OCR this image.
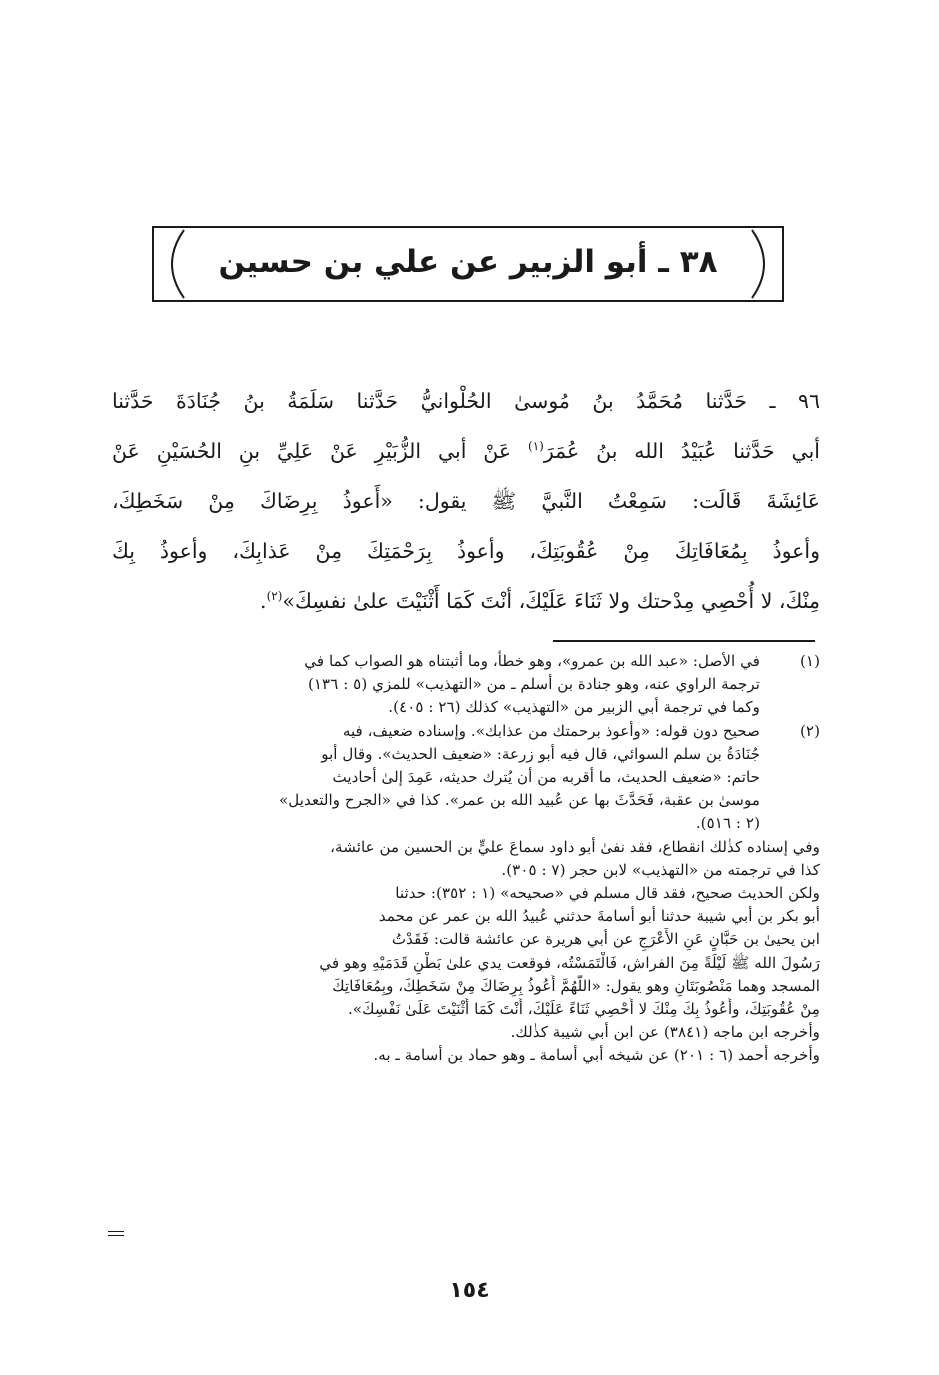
٣٨ ـ أبو الزبير عن علي بن حسين
٩٦ ـ حَدَّثنا مُحَمَّدُ بنُ مُوسىٰ الحُلْوانيُّ حَدَّثنا سَلَمَةُ بنُ جُنَادَةَ حَدَّثنا
أبي حَدَّثنا عُبَيْدُ الله بنُ عُمَرَ$^{(١)}$ عَنْ أبي الزُّبَيْرِ عَنْ عَلِيِّ بنِ الحُسَيْنِ عَنْ
عَائِشَةَ قَالَت: سَمِعْتُ النَّبيَّ ﷺ يقول: «أَعوذُ بِرِضَاكَ مِنْ سَخَطِكَ،
وأعوذُ بِمُعَافَاتِكَ مِنْ عُقُوبَتِكَ، وأعوذُ بِرَحْمَتِكَ مِنْ عَذابِكَ، وأعوذُ بِكَ
مِنْكَ، لا أُحْصِي مِدْحتك ولا ثَنَاءَ عَلَيْكَ، أنْتَ كَمَا أَثْنَيْتَ علىٰ نفسِكَ»$^{(٢)}$.
(١)
في الأصل: «عبد الله بن عمرو»، وهو خطأ، وما أثبتناه هو الصواب كما في
ترجمة الراوي عنه، وهو جنادة بن أسلم ـ من «التهذيب» للمزي (٥ : ١٣٦)
وكما في ترجمة أبي الزبير من «التهذيب» كذلك (٢٦ : ٤٠٥).
(٢)
صحيح دون قوله: «وأعوذ برحمتك من عذابك». وإسناده ضعيف، فيه
جُنَادَةُ بن سلم السوائي، قال فيه أبو زرعة: «ضعيف الحديث». وقال أبو
حاتم: «ضعيف الحديث، ما أقربه من أن يُترك حديثه، عَمِدَ إلىٰ أحاديث
موسىٰ بن عقبة، فَحَدَّثَ بها عن عُبيد الله بن عمر». كذا في «الجرح والتعديل»
(٢ : ٥١٦).
وفي إسناده كذٰلك انقطاع، فقد نفىٰ أبو داود سماعَ عليٍّ بن الحسين من عائشة،
كذا في ترجمته من «التهذيب» لابن حجر (٧ : ٣٠٥).
ولكن الحديث صحيح، فقد قال مسلم في «صحيحه» (١ : ٣٥٢): حدثنا
أبو بكر بن أبي شيبة حدثنا أبو أسامةَ حدثني عُبيدُ الله بن عمر عن محمد
ابن يحيىٰ بن حَبَّانٍ عَنِ الأَعْرَجِ عن أبي هريرة عن عائشة قالت: فَقَدْتُ
رَسُولَ الله ﷺ لَيْلَةً مِنَ الفراش، فَالْتَمَسْتُه، فوقعت يدي علىٰ بَطْنِ قَدَمَيْهِ وهو في
المسجد وهما مَنْصُوبَتَانِ وهو يقول: «اللَّهُمَّ أَعُوذُ بِرِضَاكَ مِنْ سَخَطِكَ، وبِمُعَافَاتِكَ
مِنْ عُقُوبَتِكَ، وأَعُوذُ بِكَ مِنْكَ لا أُحْصِي ثَنَاءً عَلَيْكَ، أَنْتَ كَمَا أَثْنَيْتَ عَلَىٰ نَفْسِكَ».
وأخرجه ابن ماجه (٣٨٤١) عن ابن أبي شيبة كذٰلك.
وأخرجه أحمد (٦ : ٢٠١) عن شيخه أبي أسامة ـ وهو حماد بن أسامة ـ به.
١٥٤
